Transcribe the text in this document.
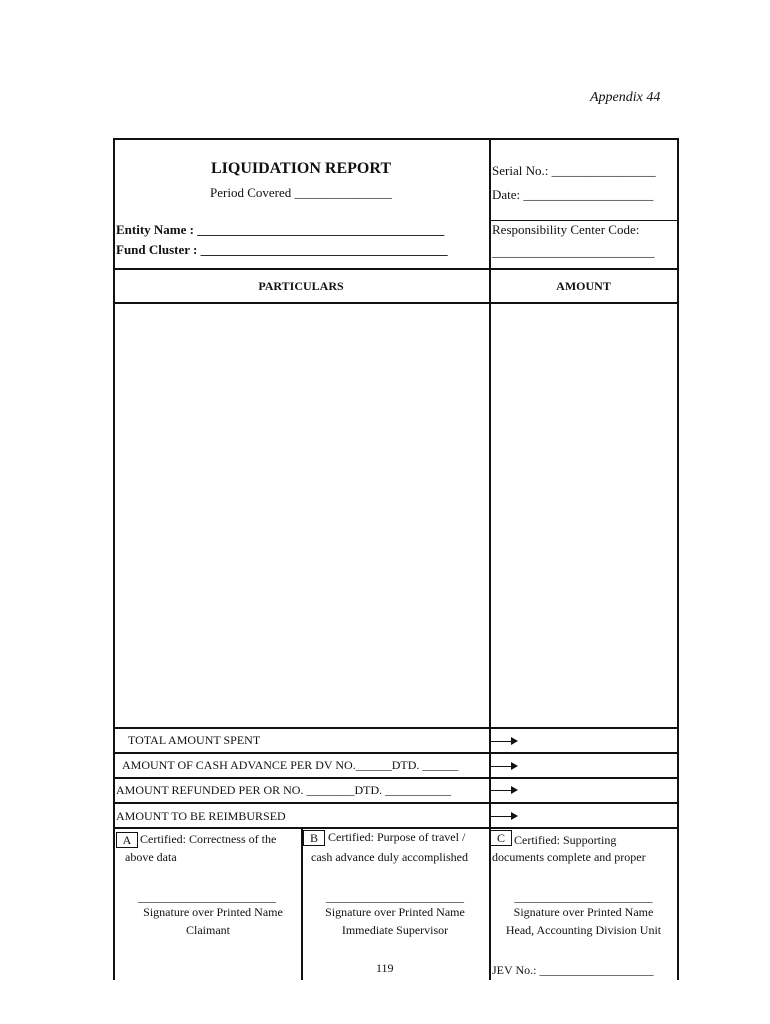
Appendix 44
LIQUIDATION REPORT
Period Covered _______________
Entity Name : ______________________________________
Fund Cluster : ______________________________________
Serial No.: ________________
Date: ____________________
Responsibility Center Code:
_________________________
PARTICULARS	AMOUNT
TOTAL AMOUNT SPENT
AMOUNT OF CASH ADVANCE PER DV NO.______DTD. ______
AMOUNT REFUNDED PER OR NO. ________DTD. ___________
AMOUNT TO BE REIMBURSED
A Certified: Correctness of the
above data
_______________________
Signature over Printed Name
Claimant
B Certified: Purpose of travel /
cash advance duly accomplished
_______________________
Signature over Printed Name
Immediate Supervisor
C Certified: Supporting
documents complete and proper
_______________________
Signature over Printed Name
Head, Accounting Division Unit
JEV No.: ___________________
119
